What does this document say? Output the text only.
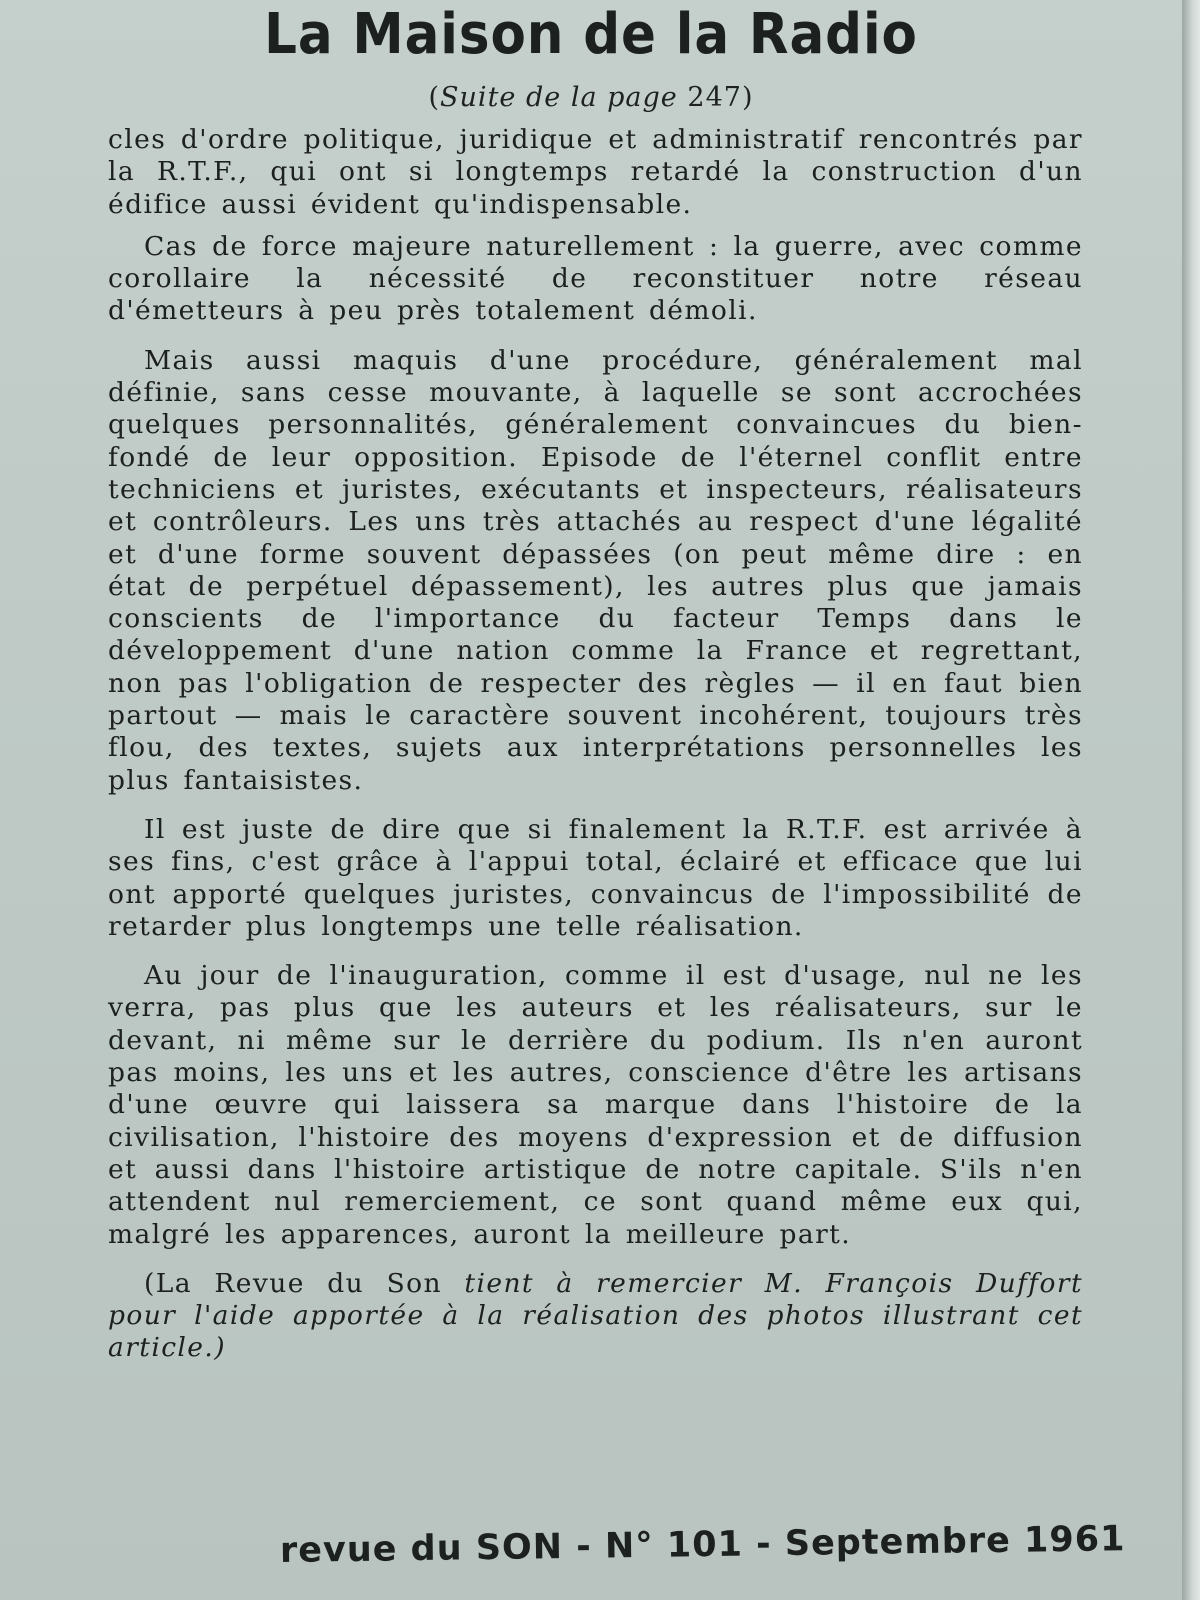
La Maison de la Radio
(Suite de la page 247)

cles d'ordre politique, juridique et administratif rencontrés par la R.T.F., qui ont si longtemps retardé la construction d'un édifice aussi évident qu'indispensable.

Cas de force majeure naturellement : la guerre, avec comme corollaire la nécessité de reconstituer notre réseau d'émetteurs à peu près totalement démoli.

Mais aussi maquis d'une procédure, généralement mal définie, sans cesse mouvante, à laquelle se sont accrochées quelques personnalités, généralement convaincues du bien-fondé de leur opposition. Episode de l'éternel conflit entre techniciens et juristes, exécutants et inspecteurs, réalisateurs et contrôleurs. Les uns très attachés au respect d'une légalité et d'une forme souvent dépassées (on peut même dire : en état de perpétuel dépassement), les autres plus que jamais conscients de l'importance du facteur Temps dans le développement d'une nation comme la France et regrettant, non pas l'obligation de respecter des règles — il en faut bien partout — mais le caractère souvent incohérent, toujours très flou, des textes, sujets aux interprétations personnelles les plus fantaisistes.

Il est juste de dire que si finalement la R.T.F. est arrivée à ses fins, c'est grâce à l'appui total, éclairé et efficace que lui ont apporté quelques juristes, convaincus de l'impossibilité de retarder plus longtemps une telle réalisation.

Au jour de l'inauguration, comme il est d'usage, nul ne les verra, pas plus que les auteurs et les réalisateurs, sur le devant, ni même sur le derrière du podium. Ils n'en auront pas moins, les uns et les autres, conscience d'être les artisans d'une œuvre qui laissera sa marque dans l'histoire de la civilisation, l'histoire des moyens d'expression et de diffusion et aussi dans l'histoire artistique de notre capitale. S'ils n'en attendent nul remerciement, ce sont quand même eux qui, malgré les apparences, auront la meilleure part.

(La Revue du Son tient à remercier M. François Duffort pour l'aide apportée à la réalisation des photos illustrant cet article.)

revue du SON - N° 101 - Septembre 1961
